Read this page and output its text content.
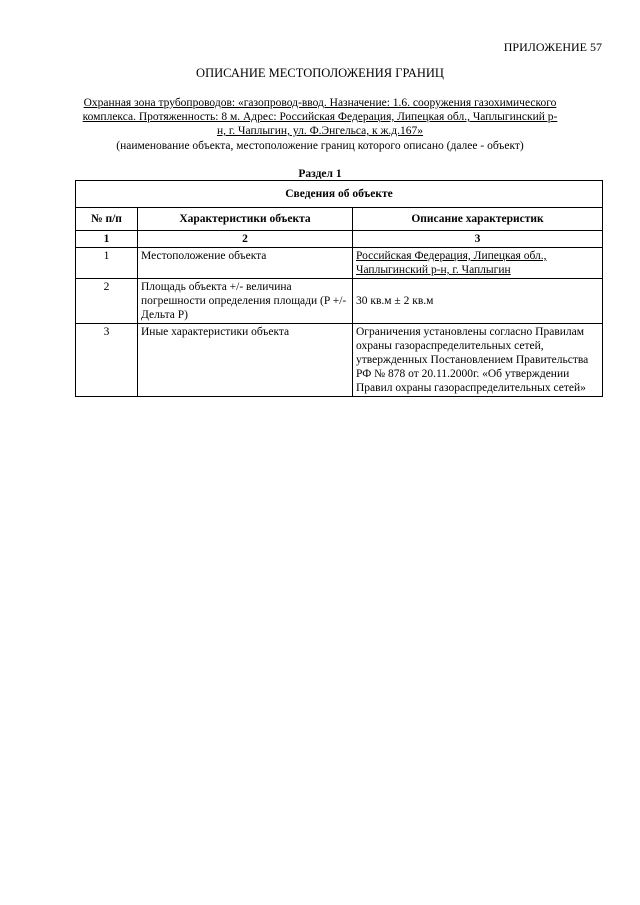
ПРИЛОЖЕНИЕ 57
ОПИСАНИЕ МЕСТОПОЛОЖЕНИЯ ГРАНИЦ
Охранная зона трубопроводов: «газопровод-ввод. Назначение: 1.6. сооружения газохимического комплекса. Протяженность: 8 м. Адрес: Российская Федерация, Липецкая обл., Чаплыгинский р-н, г. Чаплыгин, ул. Ф.Энгельса, к ж.д.167»
(наименование объекта, местоположение границ которого описано (далее - объект)
Раздел 1
Сведения об объекте		
№ п/п	Характеристики объекта	Описание характеристик
1	2	3
1	Местоположение объекта	Российская Федерация, Липецкая обл., Чаплыгинский р-н, г. Чаплыгин
2	Площадь объекта +/- величина погрешности определения площади (P +/- Дельта P)	30 кв.м ± 2 кв.м
3	Иные характеристики объекта	Ограничения установлены согласно Правилам охраны газораспределительных сетей, утвержденных Постановлением Правительства РФ № 878 от 20.11.2000г. «Об утверждении Правил охраны газораспределительных сетей»
